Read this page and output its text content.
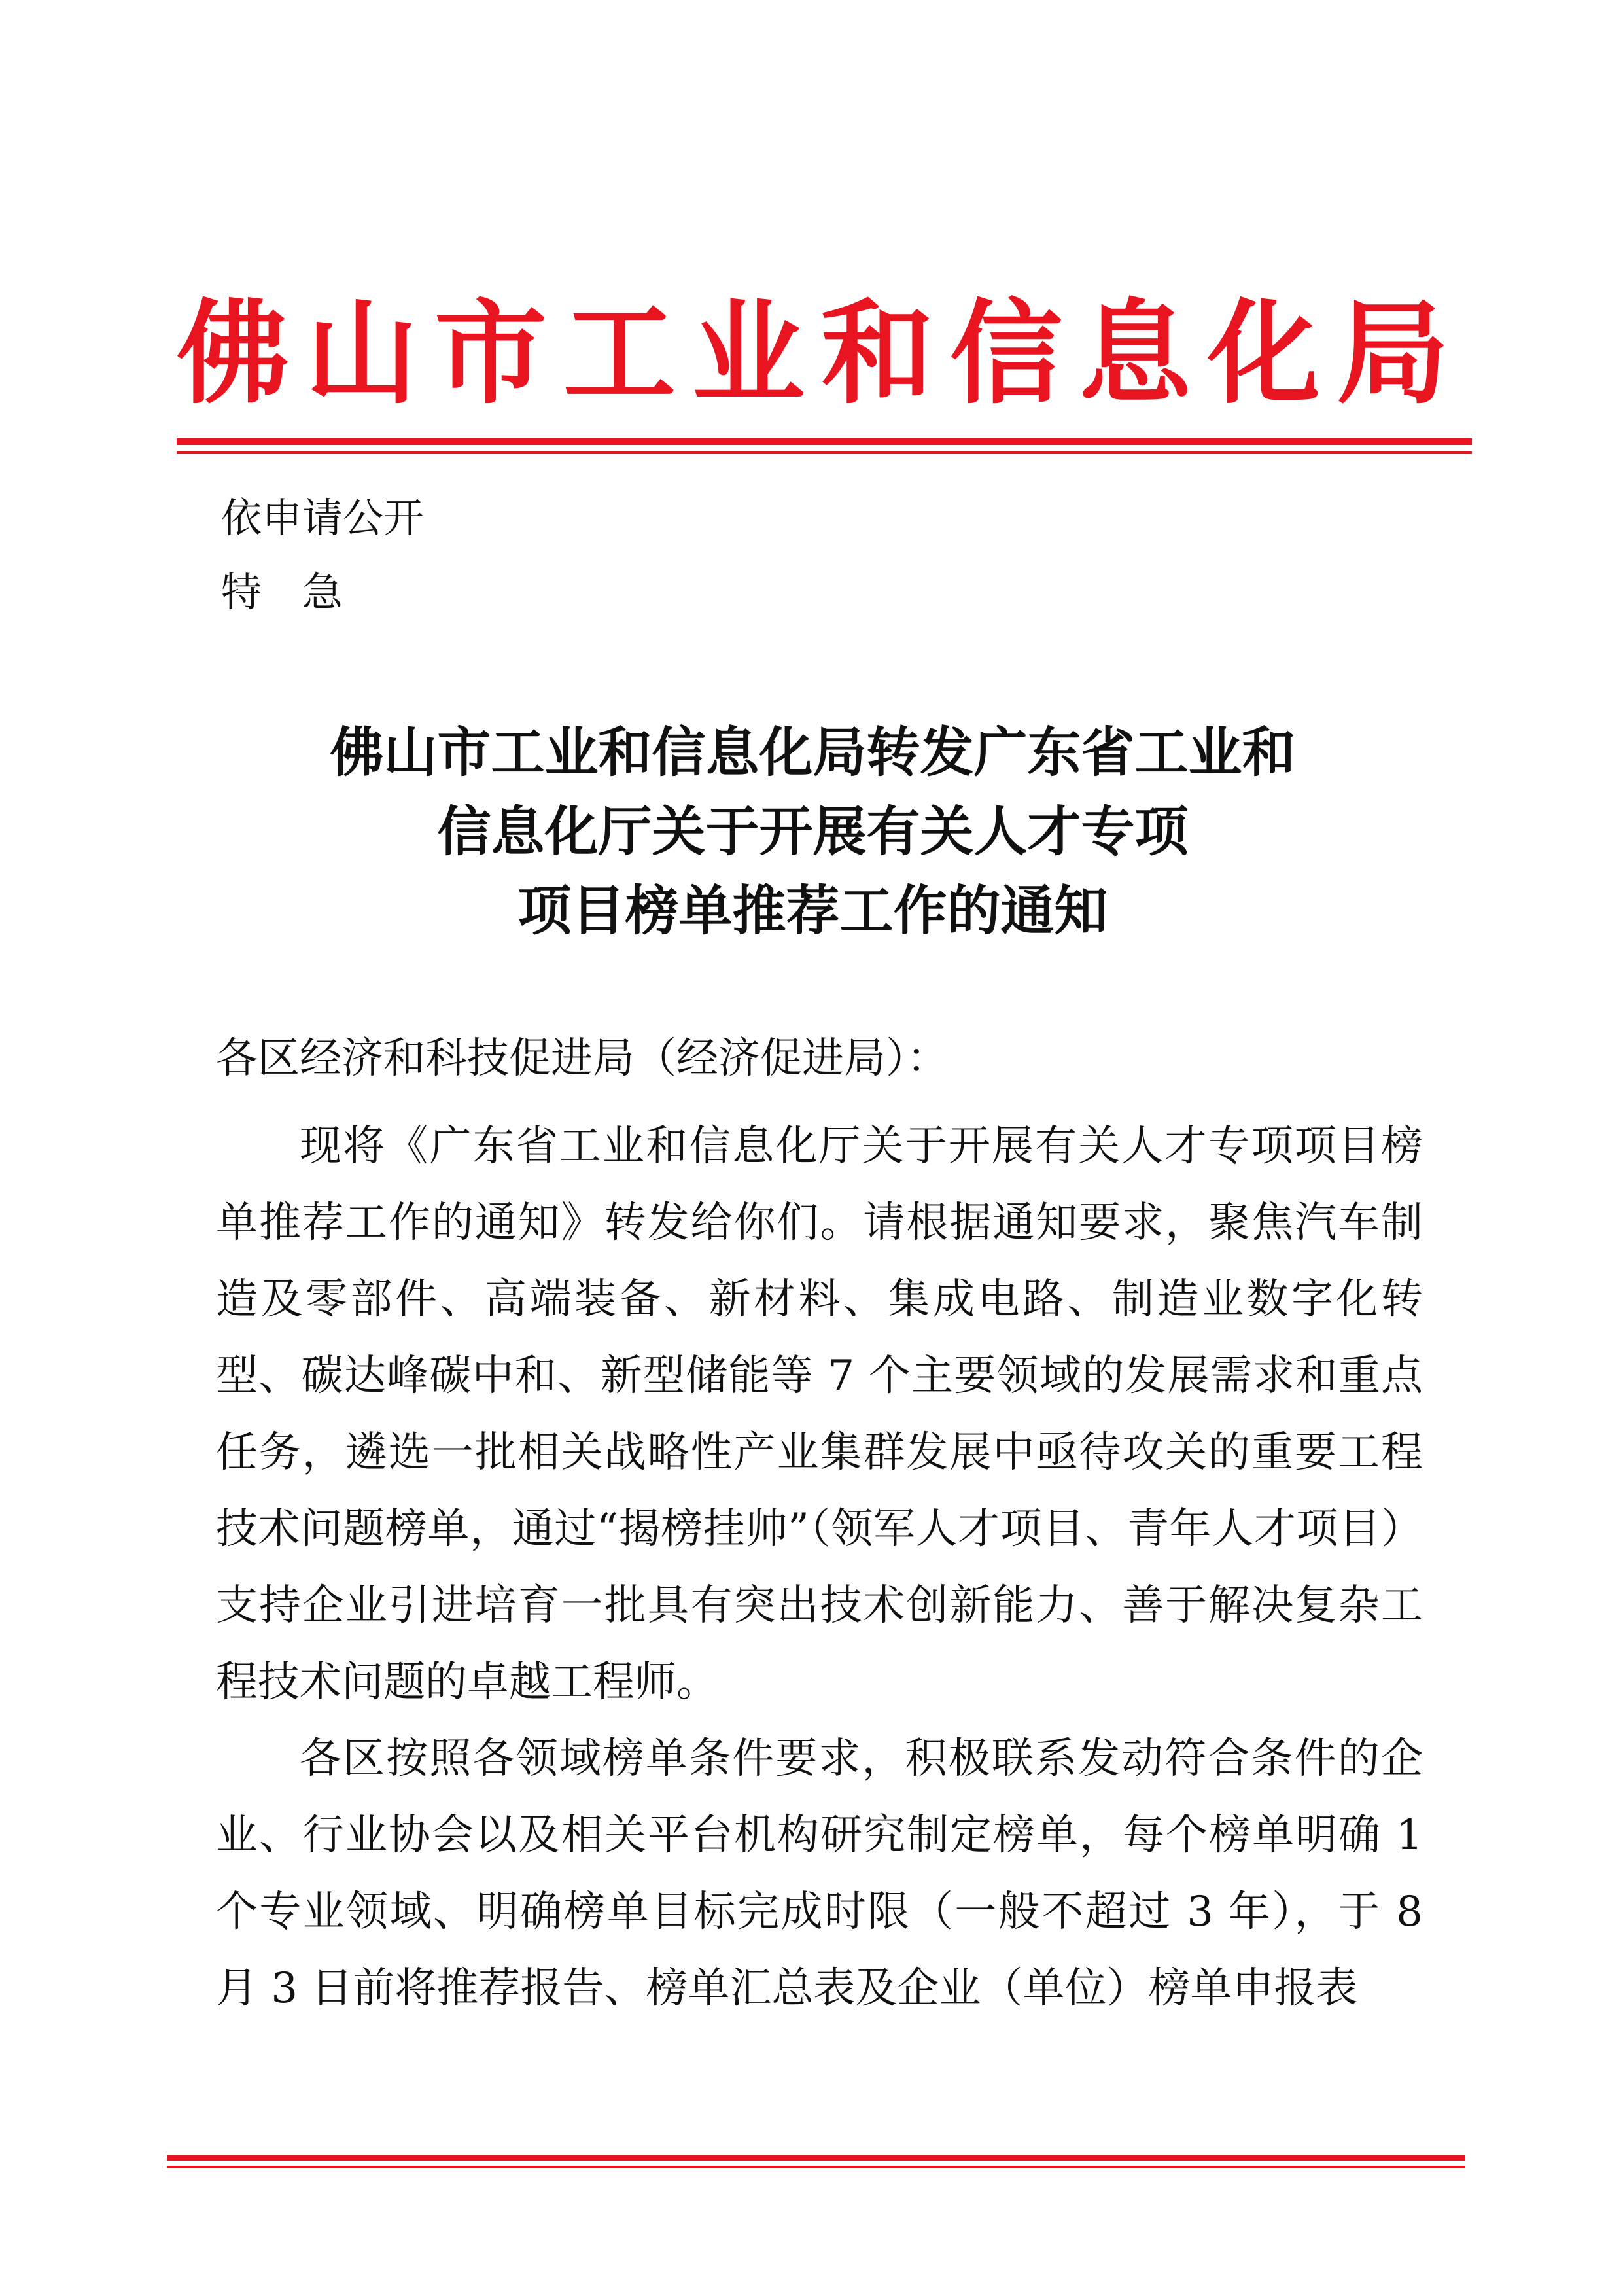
佛山市工业和信息化局
依申请公开
特急
佛山市工业和信息化局转发广东省工业和
信息化厅关于开展有关人才专项
项目榜单推荐工作的通知
各区经济和科技促进局（经济促进局）：

现将《广东省工业和信息化厅关于开展有关人才专项项目榜单推荐工作的通知》转发给你们。请根据通知要求，聚焦汽车制造及零部件、高端装备、新材料、集成电路、制造业数字化转型、碳达峰碳中和、新型储能等 7 个主要领域的发展需求和重点任务，遴选一批相关战略性产业集群发展中亟待攻关的重要工程技术问题榜单，通过“揭榜挂帅”（领军人才项目、青年人才项目）支持企业引进培育一批具有突出技术创新能力、善于解决复杂工程技术问题的卓越工程师。

各区按照各领域榜单条件要求，积极联系发动符合条件的企业、行业协会以及相关平台机构研究制定榜单，每个榜单明确 1 个专业领域、明确榜单目标完成时限（一般不超过 3 年），于 8 月 3 日前将推荐报告、榜单汇总表及企业（单位）榜单申报表
